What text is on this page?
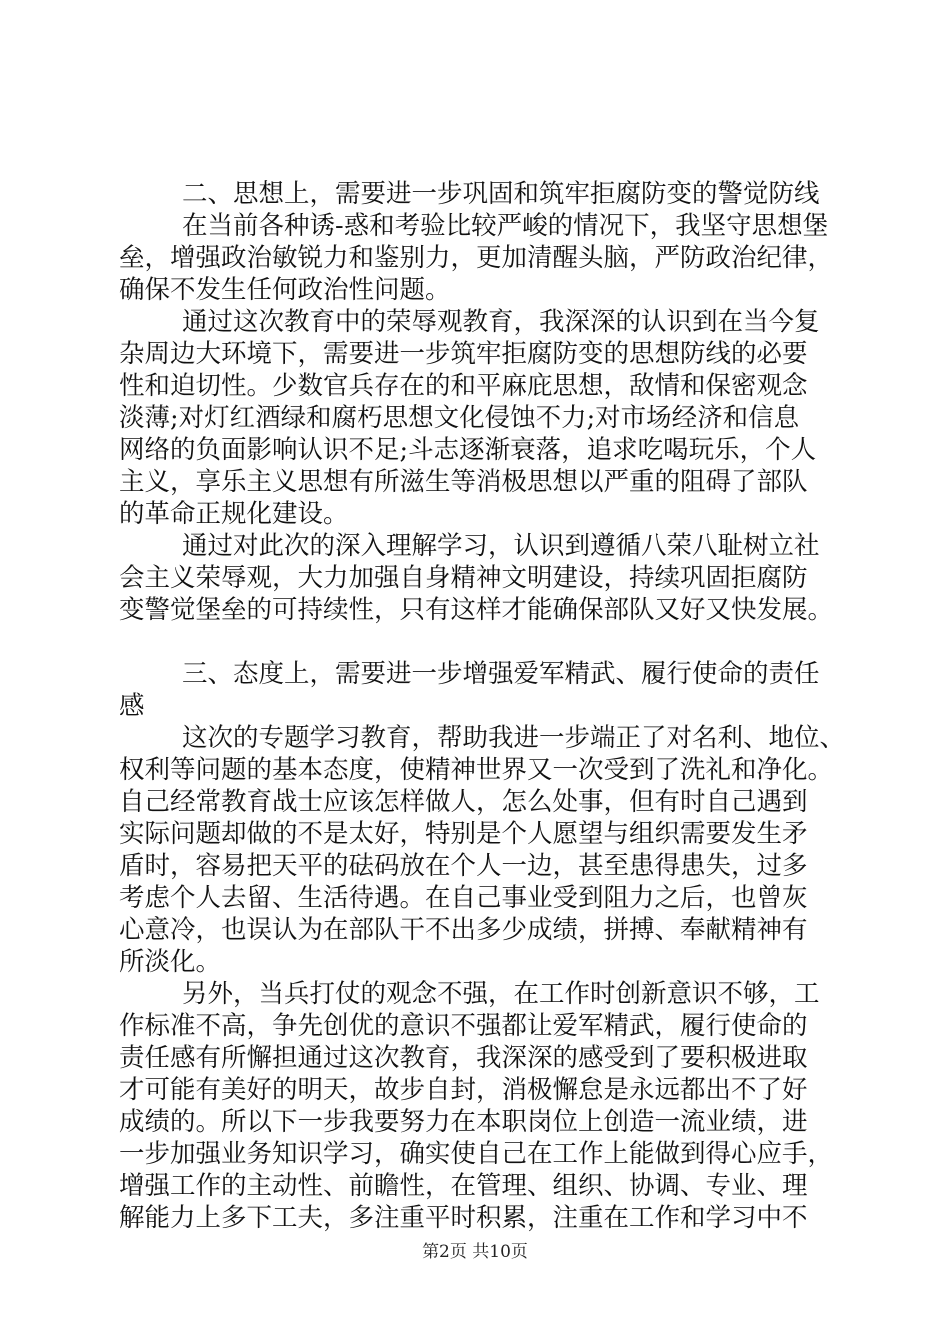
二、思想上，需要进一步巩固和筑牢拒腐防变的警觉防线
在当前各种诱-惑和考验比较严峻的情况下，我坚守思想堡
垒，增强政治敏锐力和鉴别力，更加清醒头脑，严防政治纪律，
确保不发生任何政治性问题。
通过这次教育中的荣辱观教育，我深深的认识到在当今复
杂周边大环境下，需要进一步筑牢拒腐防变的思想防线的必要
性和迫切性。少数官兵存在的和平麻庇思想，敌情和保密观念
淡薄;对灯红酒绿和腐朽思想文化侵蚀不力;对市场经济和信息
网络的负面影响认识不足;斗志逐渐衰落，追求吃喝玩乐，个人
主义，享乐主义思想有所滋生等消极思想以严重的阻碍了部队
的革命正规化建设。
通过对此次的深入理解学习，认识到遵循八荣八耻树立社
会主义荣辱观，大力加强自身精神文明建设，持续巩固拒腐防
变警觉堡垒的可持续性，只有这样才能确保部队又好又快发展。
三、态度上，需要进一步增强爱军精武、履行使命的责任
感
这次的专题学习教育，帮助我进一步端正了对名利、地位、
权利等问题的基本态度，使精神世界又一次受到了洗礼和净化。
自己经常教育战士应该怎样做人，怎么处事，但有时自己遇到
实际问题却做的不是太好，特别是个人愿望与组织需要发生矛
盾时，容易把天平的砝码放在个人一边，甚至患得患失，过多
考虑个人去留、生活待遇。在自己事业受到阻力之后，也曾灰
心意冷，也误认为在部队干不出多少成绩，拼搏、奉献精神有
所淡化。
另外，当兵打仗的观念不强，在工作时创新意识不够，工
作标准不高，争先创优的意识不强都让爱军精武，履行使命的
责任感有所懈担通过这次教育，我深深的感受到了要积极进取
才可能有美好的明天，故步自封，消极懈怠是永远都出不了好
成绩的。所以下一步我要努力在本职岗位上创造一流业绩，进
一步加强业务知识学习，确实使自己在工作上能做到得心应手，
增强工作的主动性、前瞻性，在管理、组织、协调、专业、理
解能力上多下工夫，多注重平时积累，注重在工作和学习中不
第2页 共10页
